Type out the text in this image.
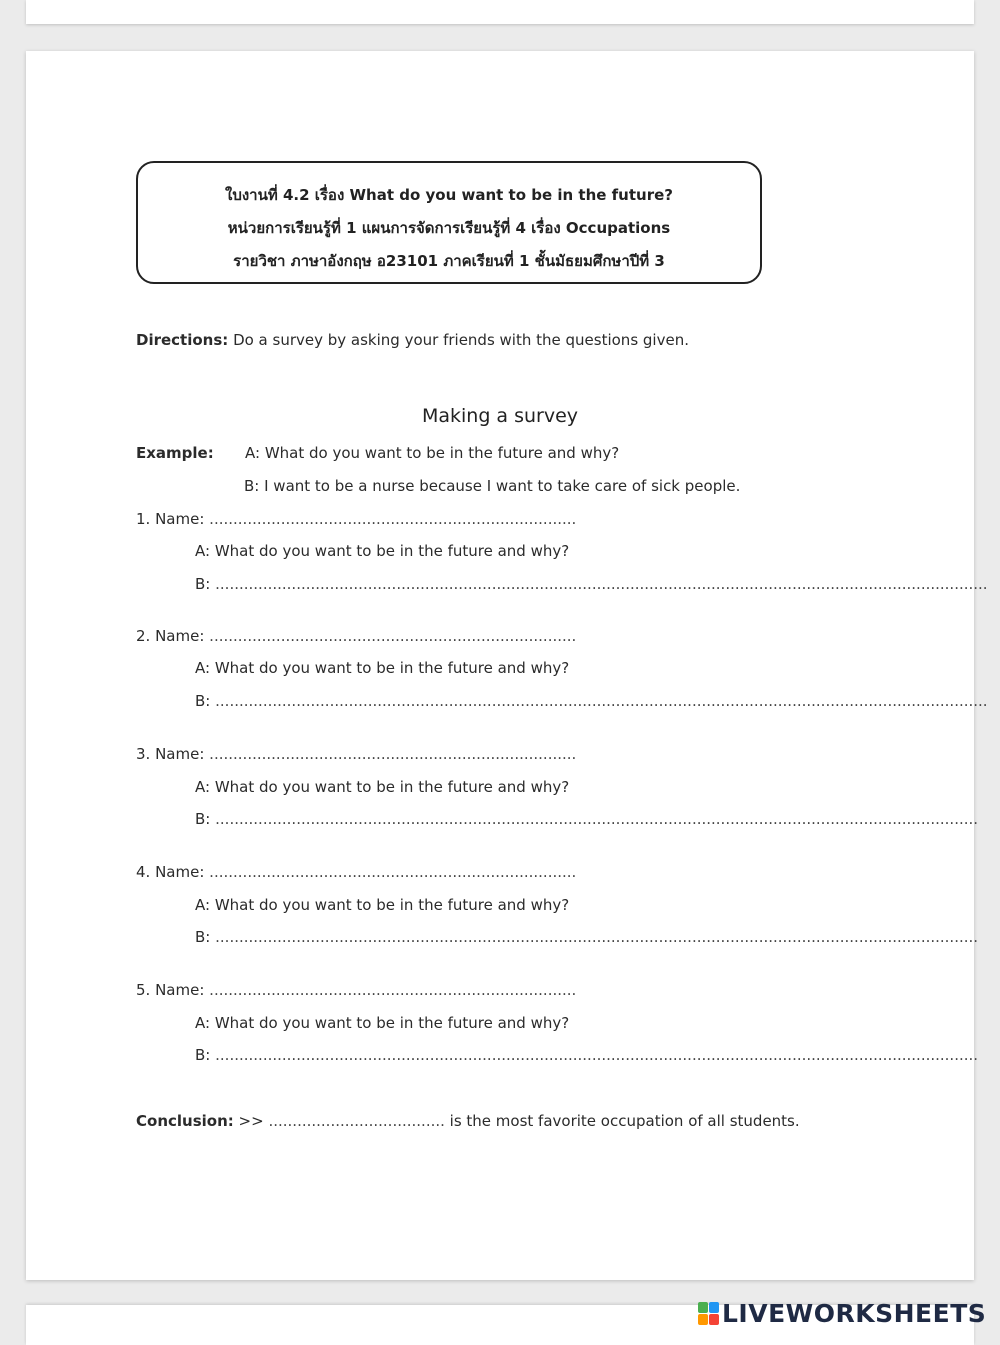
ใบงานที่ 4.2 เรื่อง What do you want to be in the future?
หน่วยการเรียนรู้ที่ 1 แผนการจัดการเรียนรู้ที่ 4 เรื่อง Occupations
รายวิชา ภาษาอังกฤษ อ23101 ภาคเรียนที่ 1 ชั้นมัธยมศึกษาปีที่ 3
Directions: Do a survey by asking your friends with the questions given.
Making a survey
Example: A: What do you want to be in the future and why?
B: I want to be a nurse because I want to take care of sick people.
1. Name: .............................................................................
A: What do you want to be in the future and why?
B: ..................................................................................................................................................................
2. Name: .............................................................................
A: What do you want to be in the future and why?
B: ..................................................................................................................................................................
3. Name: .............................................................................
A: What do you want to be in the future and why?
B: ................................................................................................................................................................
4. Name: .............................................................................
A: What do you want to be in the future and why?
B: ................................................................................................................................................................
5. Name: .............................................................................
A: What do you want to be in the future and why?
B: ................................................................................................................................................................
Conclusion: >> ..................................... is the most favorite occupation of all students.
LIVEWORKSHEETS
